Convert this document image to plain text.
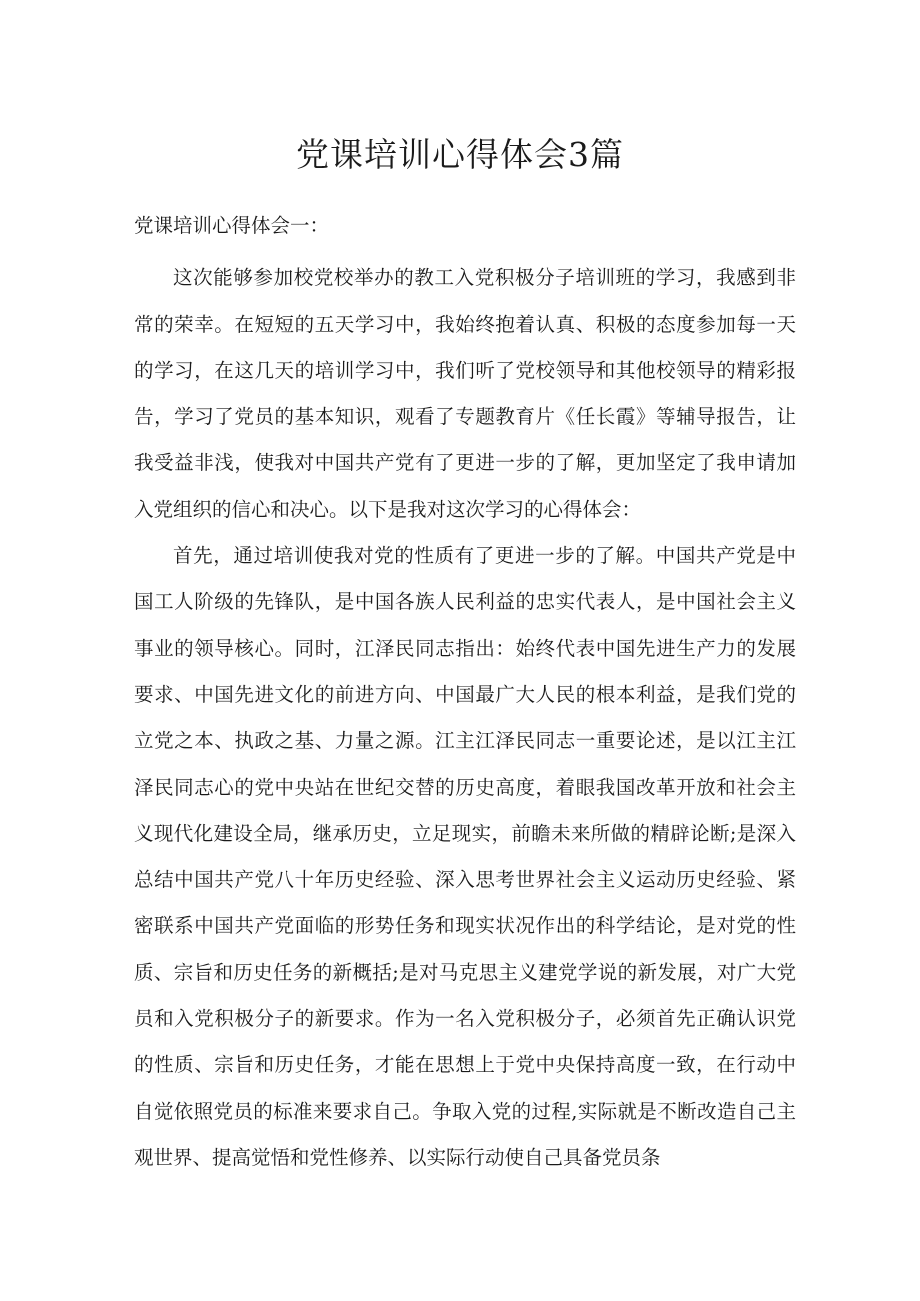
党课培训心得体会3篇

党课培训心得体会一：

这次能够参加校党校举办的教工入党积极分子培训班的学习，我感到非常的荣幸。在短短的五天学习中，我始终抱着认真、积极的态度参加每一天的学习，在这几天的培训学习中，我们听了党校领导和其他校领导的精彩报告，学习了党员的基本知识，观看了专题教育片《任长霞》等辅导报告，让我受益非浅，使我对中国共产党有了更进一步的了解，更加坚定了我申请加入党组织的信心和决心。以下是我对这次学习的心得体会：

首先，通过培训使我对党的性质有了更进一步的了解。中国共产党是中国工人阶级的先锋队，是中国各族人民利益的忠实代表人，是中国社会主义事业的领导核心。同时，江泽民同志指出：始终代表中国先进生产力的发展要求、中国先进文化的前进方向、中国最广大人民的根本利益，是我们党的立党之本、执政之基、力量之源。江主江泽民同志一重要论述，是以江主江泽民同志心的党中央站在世纪交替的历史高度，着眼我国改革开放和社会主义现代化建设全局，继承历史，立足现实，前瞻未来所做的精辟论断;是深入总结中国共产党八十年历史经验、深入思考世界社会主义运动历史经验、紧密联系中国共产党面临的形势任务和现实状况作出的科学结论，是对党的性质、宗旨和历史任务的新概括;是对马克思主义建党学说的新发展，对广大党员和入党积极分子的新要求。作为一名入党积极分子，必须首先正确认识党的性质、宗旨和历史任务，才能在思想上于党中央保持高度一致，在行动中自觉依照党员的标准来要求自己。争取入党的过程,实际就是不断改造自己主观世界、提高觉悟和党性修养、以实际行动使自己具备党员条
